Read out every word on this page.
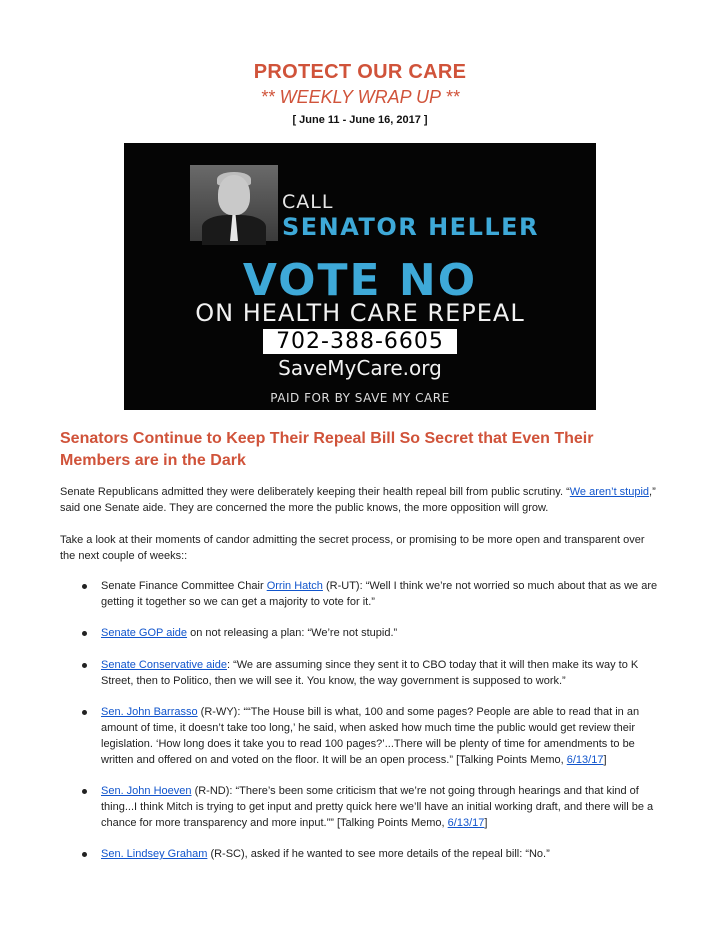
PROTECT OUR CARE
** WEEKLY WRAP UP **
[ June 11 - June 16, 2017 ]
CALL
SENATOR HELLER
VOTE NO
ON HEALTH CARE REPEAL
702-388-6605
SaveMyCare.org
PAID FOR BY SAVE MY CARE
Senators Continue to Keep Their Repeal Bill So Secret that Even Their Members are in the Dark
Senate Republicans admitted they were deliberately keeping their health repeal bill from public scrutiny. “We aren’t stupid,” said one Senate aide. They are concerned the more the public knows, the more opposition will grow.
Take a look at their moments of candor admitting the secret process, or promising to be more open and transparent over the next couple of weeks::
Senate Finance Committee Chair Orrin Hatch (R-UT): “Well I think we’re not worried so much about that as we are getting it together so we can get a majority to vote for it.”
Senate GOP aide on not releasing a plan: “We’re not stupid.”
Senate Conservative aide: “We are assuming since they sent it to CBO today that it will then make its way to K Street, then to Politico, then we will see it. You know, the way government is supposed to work.”
Sen. John Barrasso (R-WY): ““The House bill is what, 100 and some pages? People are able to read that in an amount of time, it doesn’t take too long,’ he said, when asked how much time the public would get review their legislation. ‘How long does it take you to read 100 pages?’...There will be plenty of time for amendments to be written and offered on and voted on the floor. It will be an open process.” [Talking Points Memo, 6/13/17]
Sen. John Hoeven (R-ND): “There’s been some criticism that we’re not going through hearings and that kind of thing...I think Mitch is trying to get input and pretty quick here we’ll have an initial working draft, and there will be a chance for more transparency and more input.”” [Talking Points Memo, 6/13/17]
Sen. Lindsey Graham (R-SC), asked if he wanted to see more details of the repeal bill: “No.”
